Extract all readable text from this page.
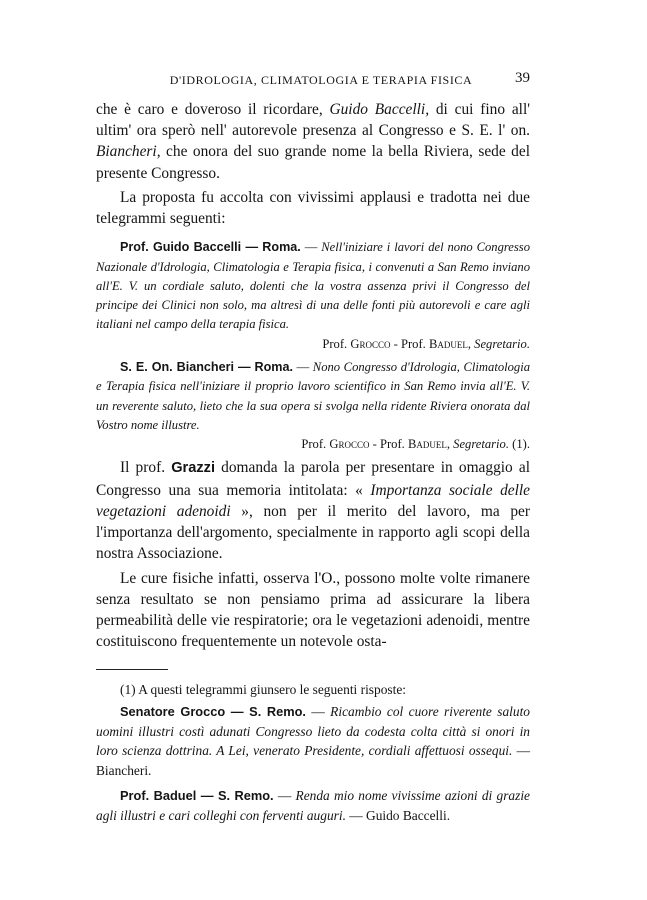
D'IDROLOGIA, CLIMATOLOGIA E TERAPIA FISICA	39

che è caro e doveroso il ricordare, Guido Baccelli, di cui fino all' ultim' ora sperò nell' autorevole presenza al Congresso e S. E. l' on. Biancheri, che onora del suo grande nome la bella Riviera, sede del presente Congresso.

La proposta fu accolta con vivissimi applausi e tradotta nei due telegrammi seguenti:

Prof. Guido Baccelli — Roma. — Nell'iniziare i lavori del nono Congresso Nazionale d'Idrologia, Climatologia e Terapia fisica, i convenuti a San Remo inviano all'E. V. un cordiale saluto, dolenti che la vostra assenza privi il Congresso del principe dei Clinici non solo, ma altresì di una delle fonti più autorevoli e care agli italiani nel campo della terapia fisica.

Prof. Grocco - Prof. Baduel, Segretario.

S. E. On. Biancheri — Roma. — Nono Congresso d'Idrologia, Climatologia e Terapia fisica nell'iniziare il proprio lavoro scientifico in San Remo invia all'E. V. un reverente saluto, lieto che la sua opera si svolga nella ridente Riviera onorata dal Vostro nome illustre.

Prof. Grocco - Prof. Baduel, Segretario. (1).

Il prof. Grazzi domanda la parola per presentare in omaggio al Congresso una sua memoria intitolata: « Importanza sociale delle vegetazioni adenoidi », non per il merito del lavoro, ma per l'importanza dell'argomento, specialmente in rapporto agli scopi della nostra Associazione.

Le cure fisiche infatti, osserva l'O., possono molte volte rimanere senza resultato se non pensiamo prima ad assicurare la libera permeabilità delle vie respiratorie; ora le vegetazioni adenoidi, mentre costituiscono frequentemente un notevole osta-

(1) A questi telegrammi giunsero le seguenti risposte:

Senatore Grocco — S. Remo. — Ricambio col cuore riverente saluto uomini illustri costì adunati Congresso lieto da codesta colta città si onori in loro scienza dottrina. A Lei, venerato Presidente, cordiali affettuosi ossequi. — Biancheri.

Prof. Baduel — S. Remo. — Renda mio nome vivissime azioni di grazie agli illustri e cari colleghi con ferventi auguri. — Guido Baccelli.
